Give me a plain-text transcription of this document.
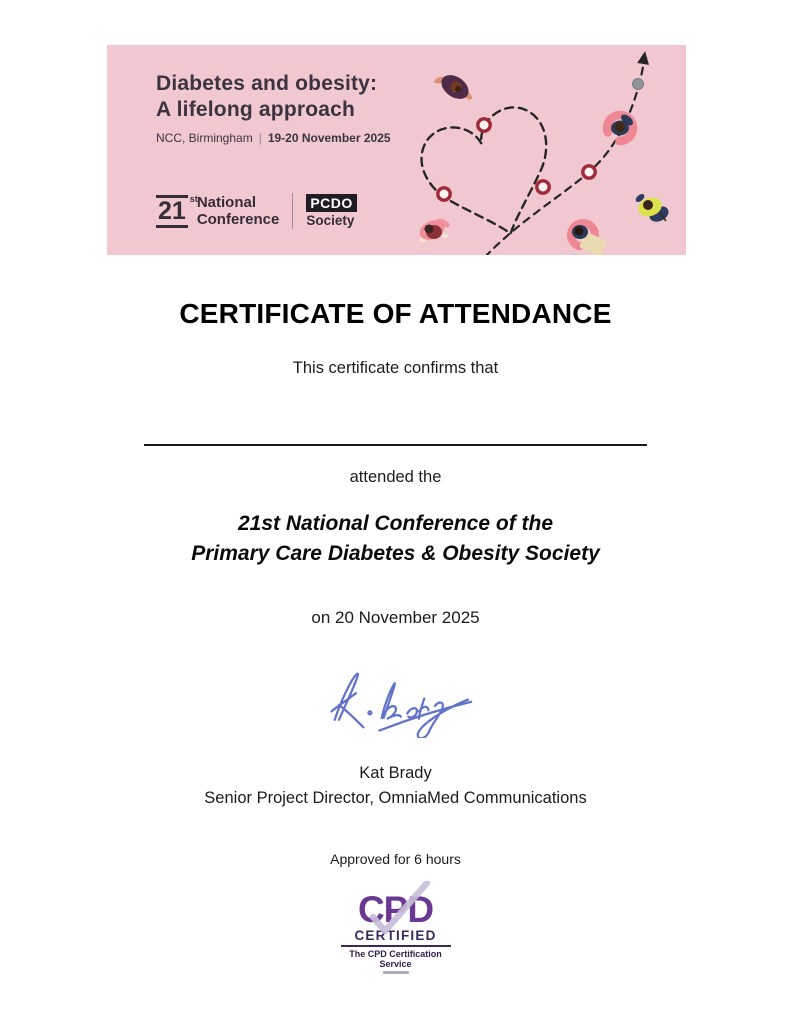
Diabetes and obesity:
A lifelong approach
NCC, Birmingham | 19-20 November 2025
21 st National
Conference
PCDO
Society
CERTIFICATE OF ATTENDANCE
This certificate confirms that
attended the
21st National Conference of the
Primary Care Diabetes & Obesity Society
on 20 November 2025
Kat Brady
Senior Project Director, OmniaMed Communications
Approved for 6 hours
CPD
CERTIFIED
The CPD Certification
Service
